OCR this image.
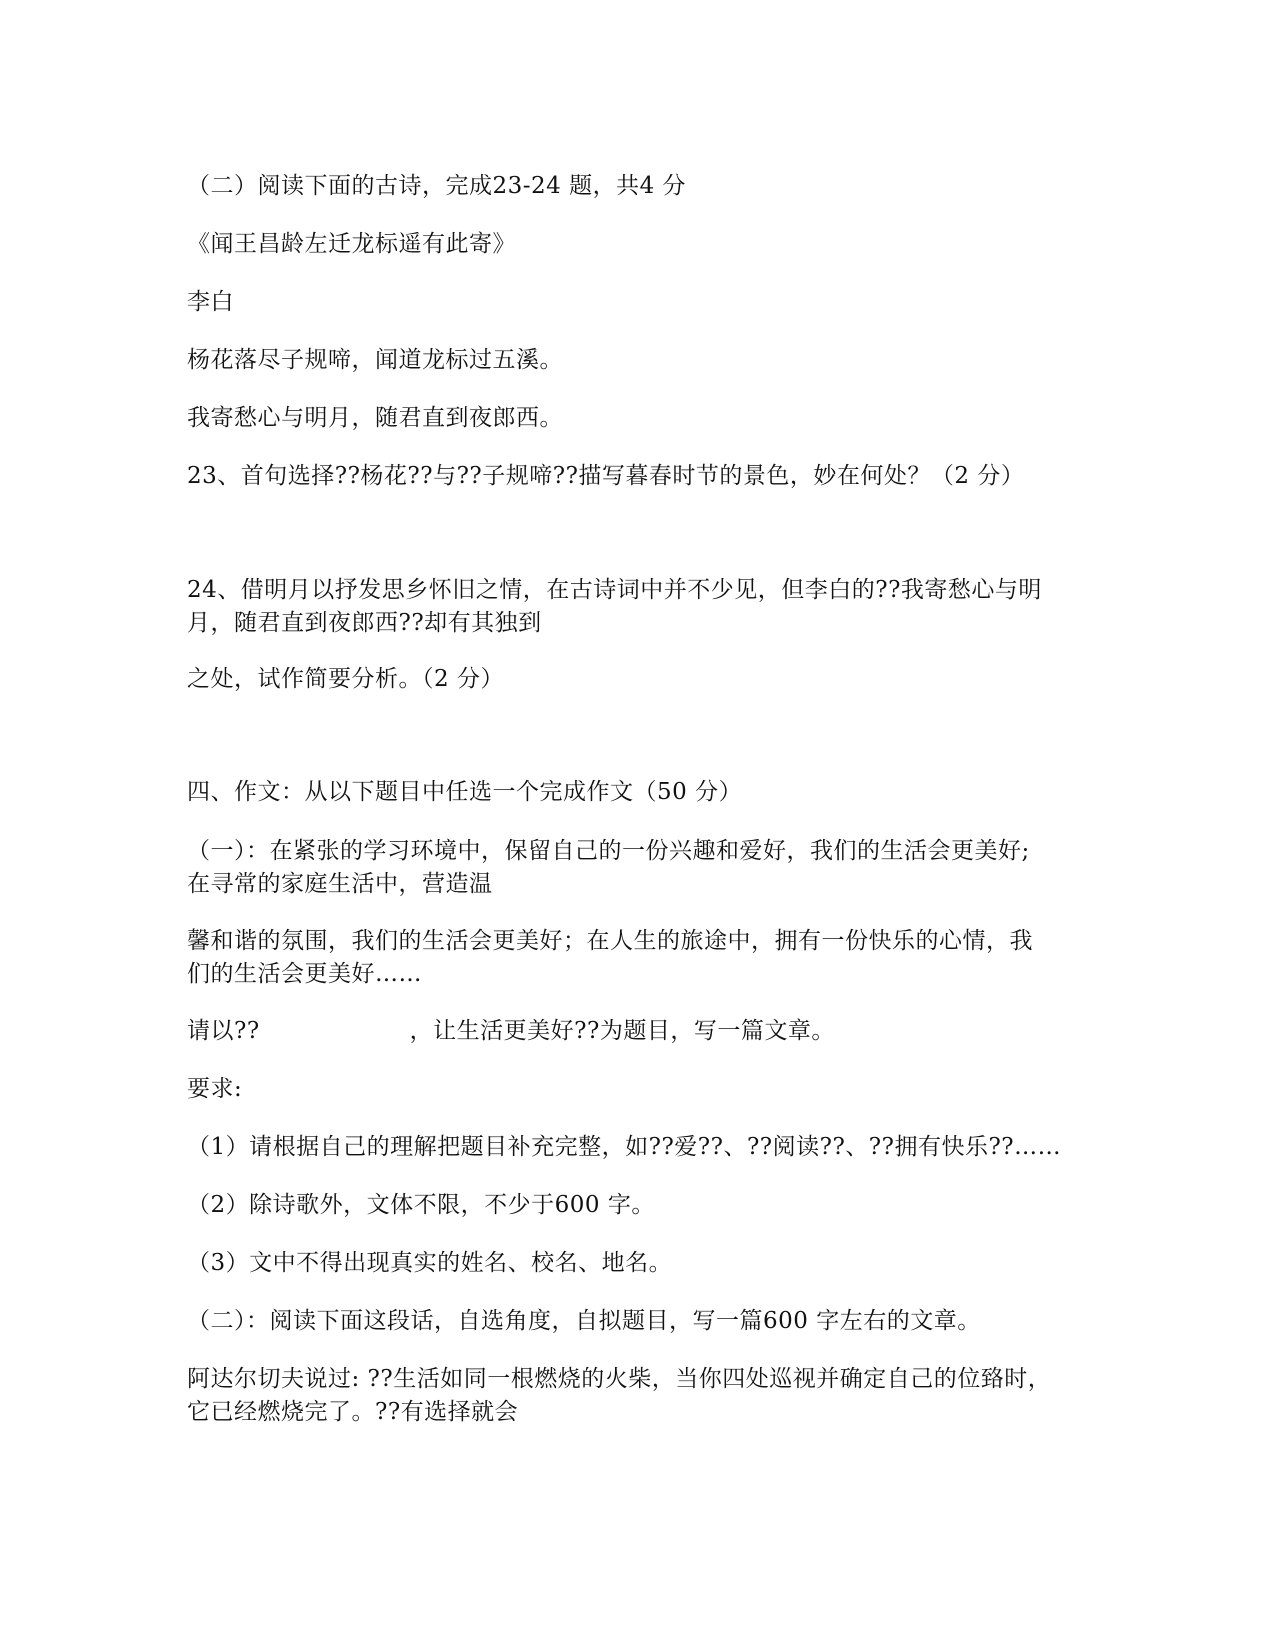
（二）阅读下面的古诗，完成23-24 题，共4 分
《闻王昌龄左迁龙标遥有此寄》
李白
杨花落尽子规啼，闻道龙标过五溪。
我寄愁心与明月，随君直到夜郎西。
23、首句选择??杨花??与??子规啼??描写暮春时节的景色，妙在何处？（2 分）
24、借明月以抒发思乡怀旧之情，在古诗词中并不少见，但李白的??我寄愁心与明
月，随君直到夜郎西??却有其独到
之处，试作简要分析。（2 分）
四、作文：从以下题目中任选一个完成作文（50 分）
（一）：在紧张的学习环境中，保留自己的一份兴趣和爱好，我们的生活会更美好;
在寻常的家庭生活中，营造温
馨和谐的氛围，我们的生活会更美好；在人生的旅途中，拥有一份快乐的心情，我
们的生活会更美好……
请以??	，让生活更美好??为题目，写一篇文章。
要求:
（1）请根据自己的理解把题目补充完整，如??爱??、??阅读??、??拥有快乐??……
（2）除诗歌外，文体不限，不少于600 字。
（3）文中不得出现真实的姓名、校名、地名。
（二）：阅读下面这段话，自选角度，自拟题目，写一篇600 字左右的文章。
阿达尔切夫说过: ??生活如同一根燃烧的火柴，当你四处巡视并确定自己的位臵时，
它已经燃烧完了。??有选择就会
